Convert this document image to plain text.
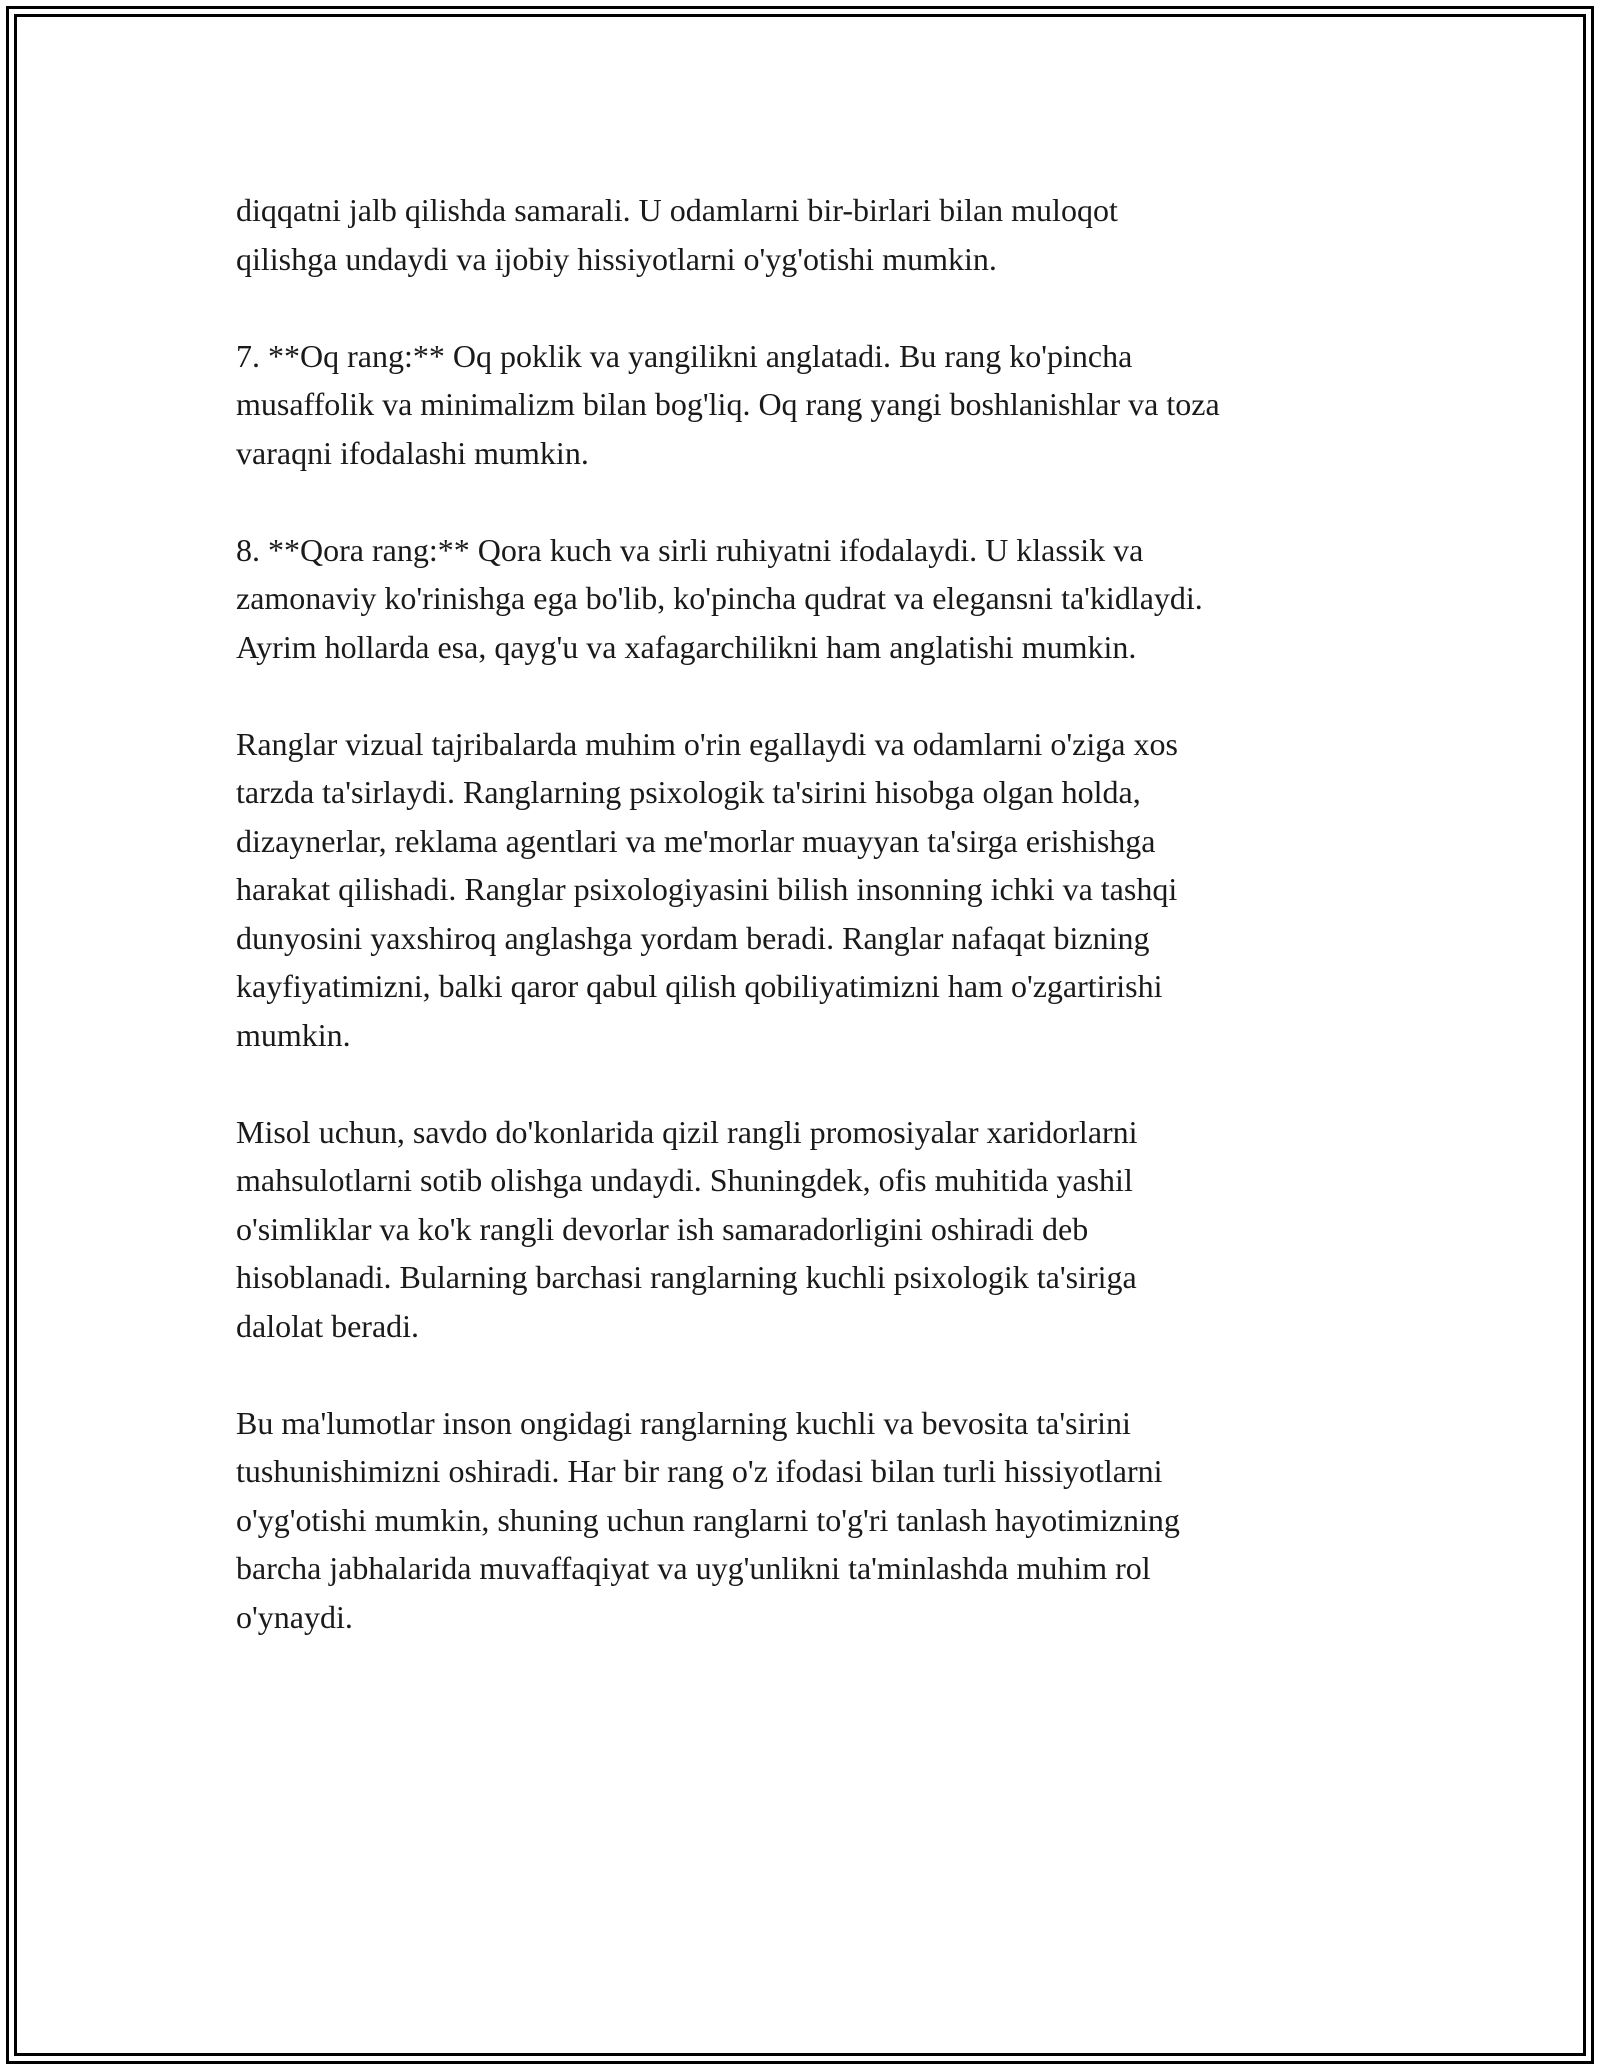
diqqatni jalb qilishda samarali. U odamlarni bir-birlari bilan muloqot
qilishga undaydi va ijobiy hissiyotlarni o'yg'otishi mumkin.

7. **Oq rang:** Oq poklik va yangilikni anglatadi. Bu rang ko'pincha
musaffolik va minimalizm bilan bog'liq. Oq rang yangi boshlanishlar va toza
varaqni ifodalashi mumkin.

8. **Qora rang:** Qora kuch va sirli ruhiyatni ifodalaydi. U klassik va
zamonaviy ko'rinishga ega bo'lib, ko'pincha qudrat va elegansni ta'kidlaydi.
Ayrim hollarda esa, qayg'u va xafagarchilikni ham anglatishi mumkin.

Ranglar vizual tajribalarda muhim o'rin egallaydi va odamlarni o'ziga xos
tarzda ta'sirlaydi. Ranglarning psixologik ta'sirini hisobga olgan holda,
dizaynerlar, reklama agentlari va me'morlar muayyan ta'sirga erishishga
harakat qilishadi. Ranglar psixologiyasini bilish insonning ichki va tashqi
dunyosini yaxshiroq anglashga yordam beradi. Ranglar nafaqat bizning
kayfiyatimizni, balki qaror qabul qilish qobiliyatimizni ham o'zgartirishi
mumkin.

Misol uchun, savdo do'konlarida qizil rangli promosiyalar xaridorlarni
mahsulotlarni sotib olishga undaydi. Shuningdek, ofis muhitida yashil
o'simliklar va ko'k rangli devorlar ish samaradorligini oshiradi deb
hisoblanadi. Bularning barchasi ranglarning kuchli psixologik ta'siriga
dalolat beradi.

Bu ma'lumotlar inson ongidagi ranglarning kuchli va bevosita ta'sirini
tushunishimizni oshiradi. Har bir rang o'z ifodasi bilan turli hissiyotlarni
o'yg'otishi mumkin, shuning uchun ranglarni to'g'ri tanlash hayotimizning
barcha jabhalarida muvaffaqiyat va uyg'unlikni ta'minlashda muhim rol
o'ynaydi.
